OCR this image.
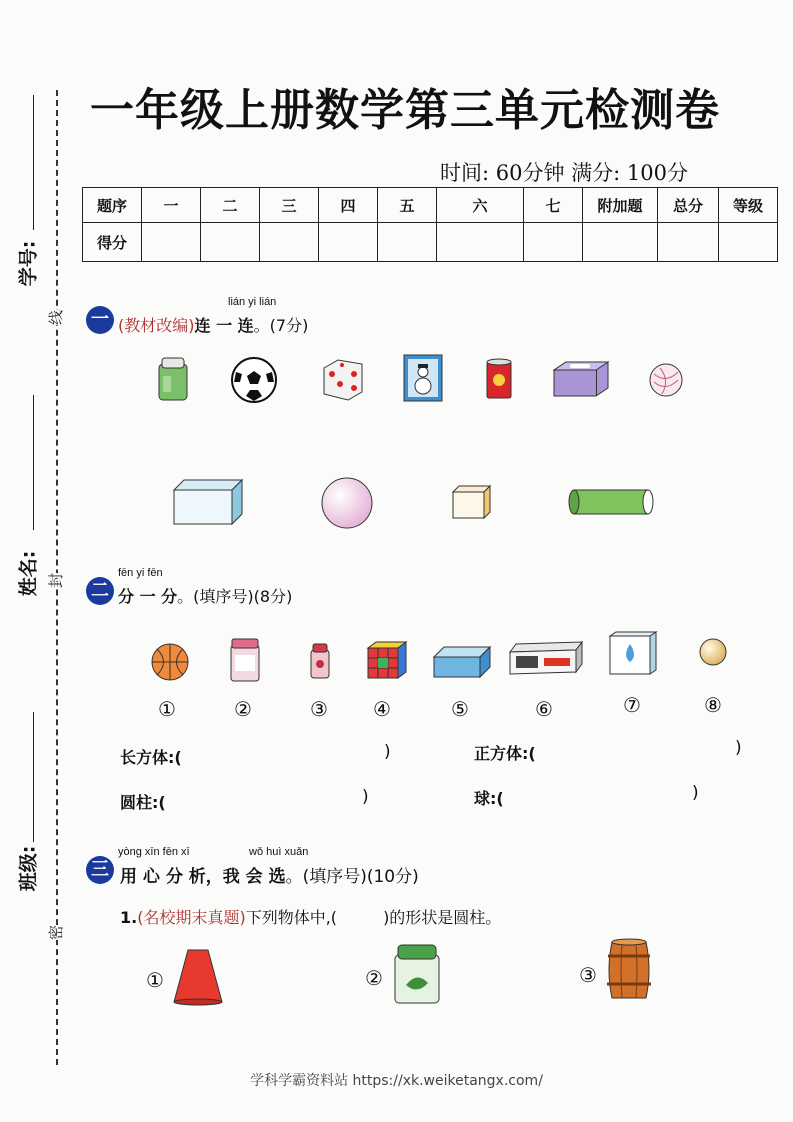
学号:
姓名:
班级:
线
封
密
一年级上册数学第三单元检测卷
时间: 60分钟 满分: 100分
题序	一	二	三	四	五	六	七	附加题	总分	等级
得分										
一
lián yi lián
(教材改编)连 一 连。(7分)
二
fēn yi fēn
分 一 分。(填序号)(8分)
①	②	③ ④	⑤	⑥	⑦	⑧
长方体:(	)	正方体:(	)
圆柱:(	)	球:(	)
三
yòng xīn fēn xī	wǒ huì xuǎn
用 心 分 析，我 会 选。(填序号)(10分)
1.(名校期末真题)下列物体中,(	)的形状是圆柱。
①	②	③
学科学霸资料站 https://xk.weiketangx.com/
